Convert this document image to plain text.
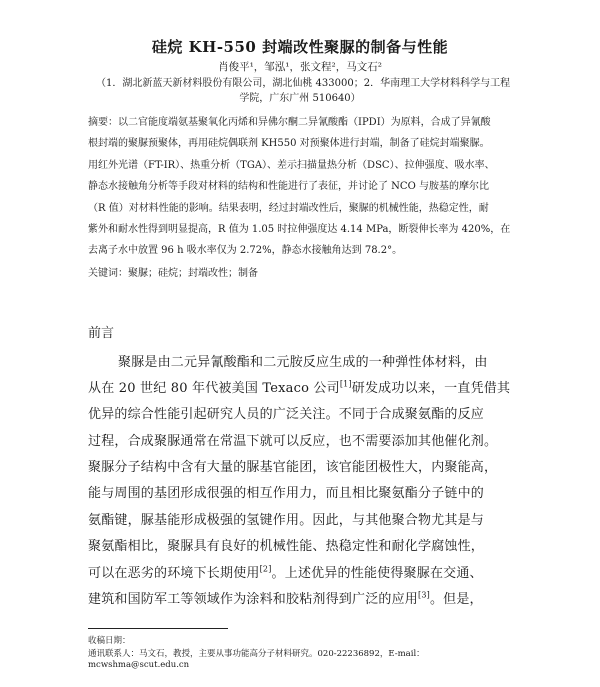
硅烷 KH-550 封端改性聚脲的制备与性能
肖俊平¹，邹泓¹，张文程²，马文石²
（1．湖北新蓝天新材料股份有限公司，湖北仙桃 433000；2．华南理工大学材料科学与工程
学院，广东广州 510640）
摘要：以二官能度端氨基聚氧化丙烯和异佛尔酮二异氰酸酯（IPDI）为原料，合成了异氰酸
根封端的聚脲预聚体，再用硅烷偶联剂 KH550 对预聚体进行封端，制备了硅烷封端聚脲。
用红外光谱（FT-IR）、热重分析（TGA）、差示扫描量热分析（DSC）、拉伸强度、吸水率、
静态水接触角分析等手段对材料的结构和性能进行了表征，并讨论了 NCO 与胺基的摩尔比
（R 值）对材料性能的影响。结果表明，经过封端改性后，聚脲的机械性能，热稳定性，耐
紫外和耐水性得到明显提高，R 值为 1.05 时拉伸强度达 4.14 MPa，断裂伸长率为 420%，在
去离子水中放置 96 h 吸水率仅为 2.72%，静态水接触角达到 78.2°。
关键词：聚脲；硅烷；封端改性；制备
前言
聚脲是由二元异氰酸酯和二元胺反应生成的一种弹性体材料，由
从在 20 世纪 80 年代被美国 Texaco 公司[1]研发成功以来，一直凭借其
优异的综合性能引起研究人员的广泛关注。不同于合成聚氨酯的反应
过程，合成聚脲通常在常温下就可以反应，也不需要添加其他催化剂。
聚脲分子结构中含有大量的脲基官能团，该官能团极性大，内聚能高，
能与周围的基团形成很强的相互作用力，而且相比聚氨酯分子链中的
氨酯键，脲基能形成极强的氢键作用。因此，与其他聚合物尤其是与
聚氨酯相比，聚脲具有良好的机械性能、热稳定性和耐化学腐蚀性，
可以在恶劣的环境下长期使用[2]。上述优异的性能使得聚脲在交通、
建筑和国防军工等领域作为涂料和胶粘剂得到广泛的应用[3]。但是，
收稿日期：
通讯联系人：马文石，教授，主要从事功能高分子材料研究。020-22236892，E-mail：
mcwshma@scut.edu.cn
